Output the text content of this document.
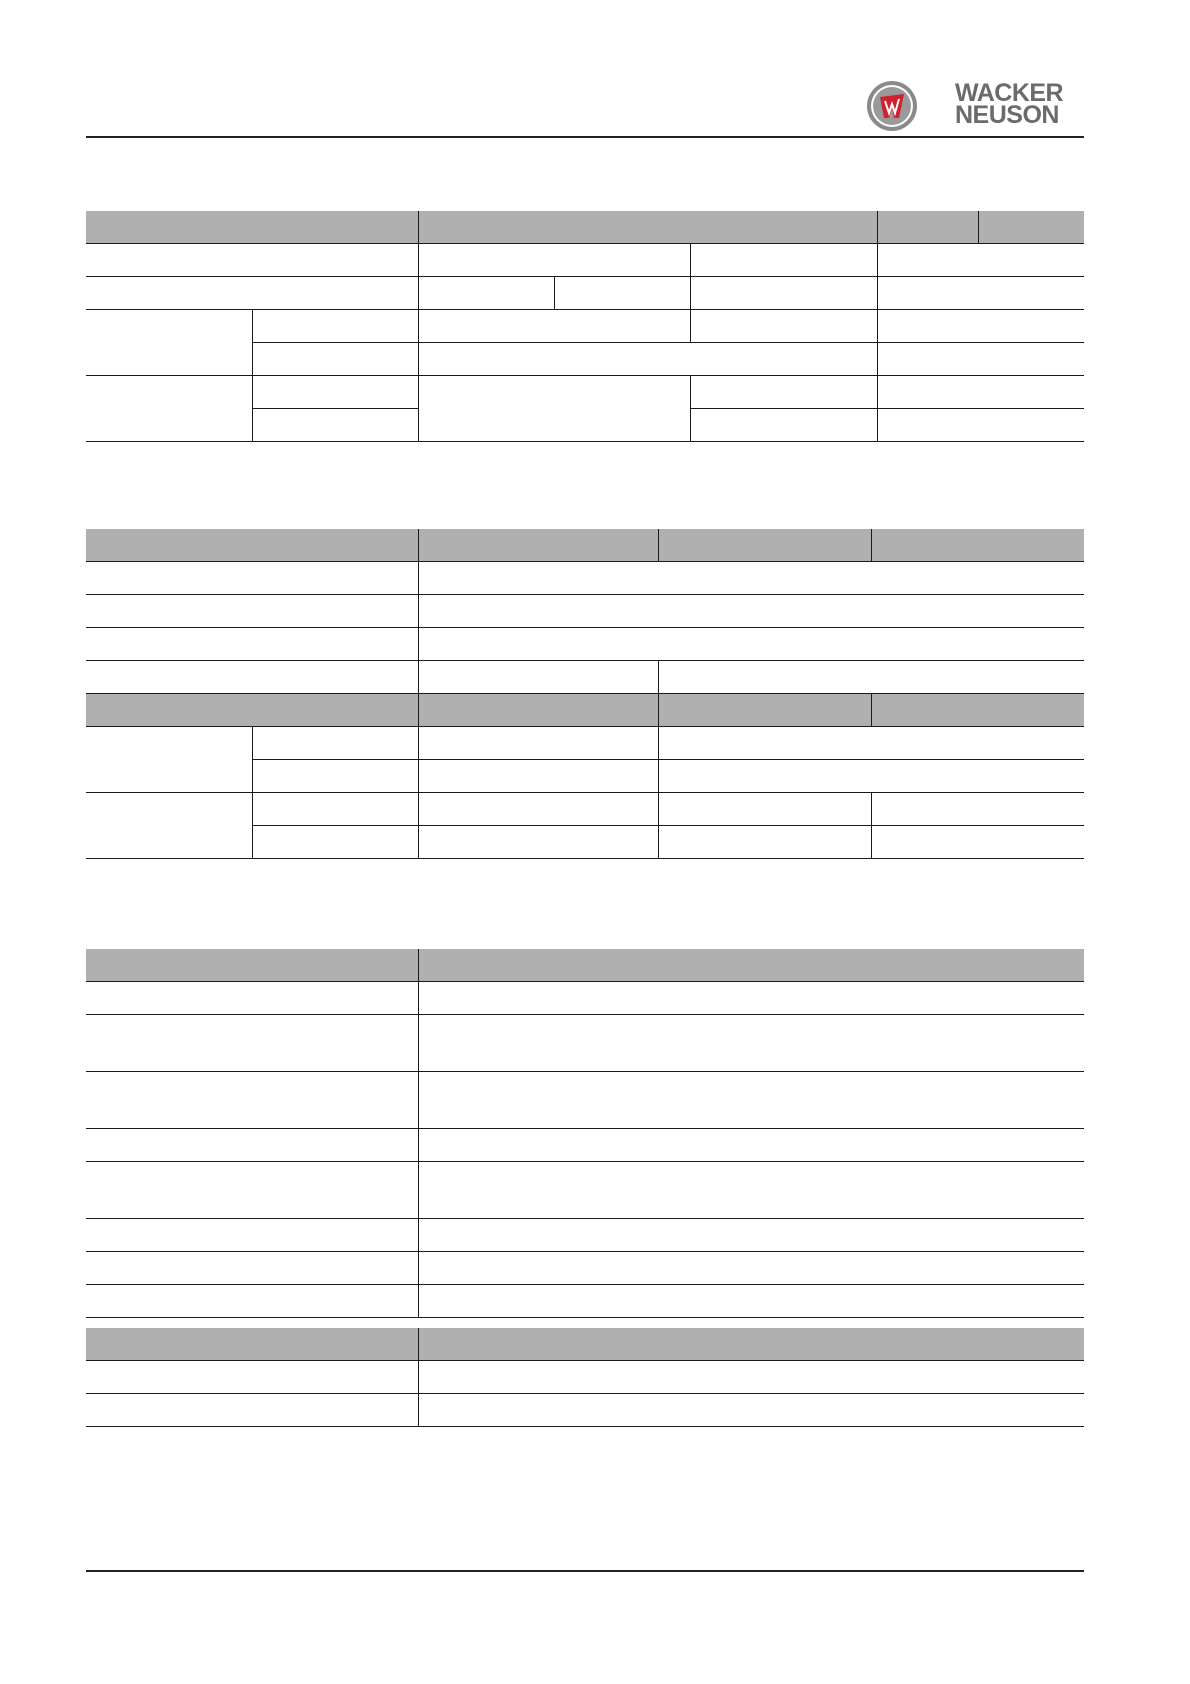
WACKER
NEUSON
